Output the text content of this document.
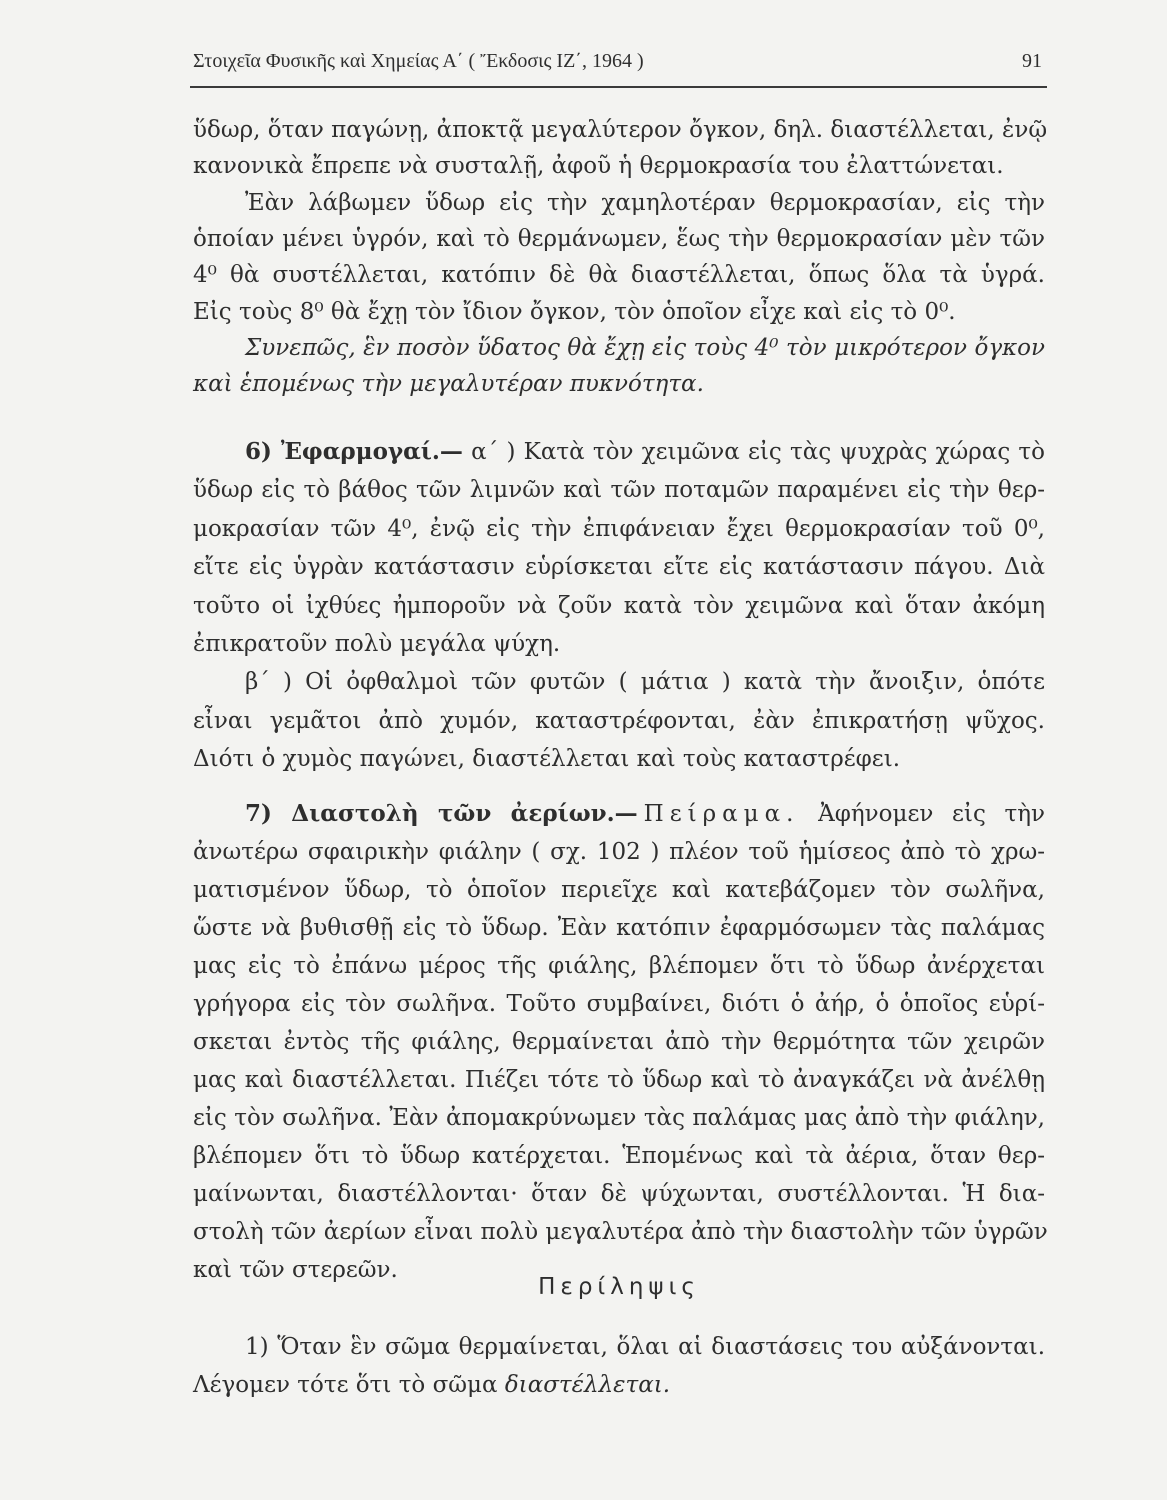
Στοιχεῖα Φυσικῆς καὶ Χημείας Α΄ ( Ἔκδοσις ΙΖ΄, 1964 )	91
ὕδωρ, ὅταν παγώνῃ, ἀποκτᾷ μεγαλύτερον ὄγκον, δηλ. διαστέλλεται, ἐνῷ
κανονικὰ ἔπρεπε νὰ συσταλῇ, ἀφοῦ ἡ θερμοκρασία του ἐλαττώνεται.
Ἐὰν λάβωμεν ὕδωρ εἰς τὴν χαμηλοτέραν θερμοκρασίαν, εἰς τὴν
ὁποίαν μένει ὑγρόν, καὶ τὸ θερμάνωμεν, ἕως τὴν θερμοκρασίαν μὲν τῶν
4⁰ θὰ συστέλλεται, κατόπιν δὲ θὰ διαστέλλεται, ὅπως ὅλα τὰ ὑγρά.
Εἰς τοὺς 8⁰ θὰ ἔχῃ τὸν ἴδιον ὄγκον, τὸν ὁποῖον εἶχε καὶ εἰς τὸ 0⁰.
Συνεπῶς, ἓν ποσὸν ὕδατος θὰ ἔχῃ εἰς τοὺς 4⁰ τὸν μικρότερον ὄγκον
καὶ ἑπομένως τὴν μεγαλυτέραν πυκνότητα.
6) Ἐφαρμογαί.— α΄ ) Κατὰ τὸν χειμῶνα εἰς τὰς ψυχρὰς χώρας τὸ
ὕδωρ εἰς τὸ βάθος τῶν λιμνῶν καὶ τῶν ποταμῶν παραμένει εἰς τὴν θερ-
μοκρασίαν τῶν 4⁰, ἐνῷ εἰς τὴν ἐπιφάνειαν ἔχει θερμοκρασίαν τοῦ 0⁰,
εἴτε εἰς ὑγρὰν κατάστασιν εὑρίσκεται εἴτε εἰς κατάστασιν πάγου. Διὰ
τοῦτο οἱ ἰχθύες ἠμποροῦν νὰ ζοῦν κατὰ τὸν χειμῶνα καὶ ὅταν ἀκόμη
ἐπικρατοῦν πολὺ μεγάλα ψύχη.
β΄ ) Οἱ ὀφθαλμοὶ τῶν φυτῶν ( μάτια ) κατὰ τὴν ἄνοιξιν, ὁπότε
εἶναι γεμᾶτοι ἀπὸ χυμόν, καταστρέφονται, ἐὰν ἐπικρατήσῃ ψῦχος.
Διότι ὁ χυμὸς παγώνει, διαστέλλεται καὶ τοὺς καταστρέφει.
7) Διαστολὴ τῶν ἀερίων.— Πείραμα. Ἀφήνομεν εἰς τὴν
ἀνωτέρω σφαιρικὴν φιάλην ( σχ. 102 ) πλέον τοῦ ἡμίσεος ἀπὸ τὸ χρω-
ματισμένον ὕδωρ, τὸ ὁποῖον περιεῖχε καὶ κατεβάζομεν τὸν σωλῆνα,
ὥστε νὰ βυθισθῇ εἰς τὸ ὕδωρ. Ἐὰν κατόπιν ἐφαρμόσωμεν τὰς παλάμας
μας εἰς τὸ ἐπάνω μέρος τῆς φιάλης, βλέπομεν ὅτι τὸ ὕδωρ ἀνέρχεται
γρήγορα εἰς τὸν σωλῆνα. Τοῦτο συμβαίνει, διότι ὁ ἀήρ, ὁ ὁποῖος εὑρί-
σκεται ἐντὸς τῆς φιάλης, θερμαίνεται ἀπὸ τὴν θερμότητα τῶν χειρῶν
μας καὶ διαστέλλεται. Πιέζει τότε τὸ ὕδωρ καὶ τὸ ἀναγκάζει νὰ ἀνέλθῃ
εἰς τὸν σωλῆνα. Ἐὰν ἀπομακρύνωμεν τὰς παλάμας μας ἀπὸ τὴν φιάλην,
βλέπομεν ὅτι τὸ ὕδωρ κατέρχεται. Ἑπομένως καὶ τὰ ἀέρια, ὅταν θερ-
μαίνωνται, διαστέλλονται· ὅταν δὲ ψύχωνται, συστέλλονται. Ἡ δια-
στολὴ τῶν ἀερίων εἶναι πολὺ μεγαλυτέρα ἀπὸ τὴν διαστολὴν τῶν ὑγρῶν
καὶ τῶν στερεῶν.
Περίληψις
1) Ὅταν ἓν σῶμα θερμαίνεται, ὅλαι αἱ διαστάσεις του αὐξάνονται.
Λέγομεν τότε ὅτι τὸ σῶμα διαστέλλεται.
